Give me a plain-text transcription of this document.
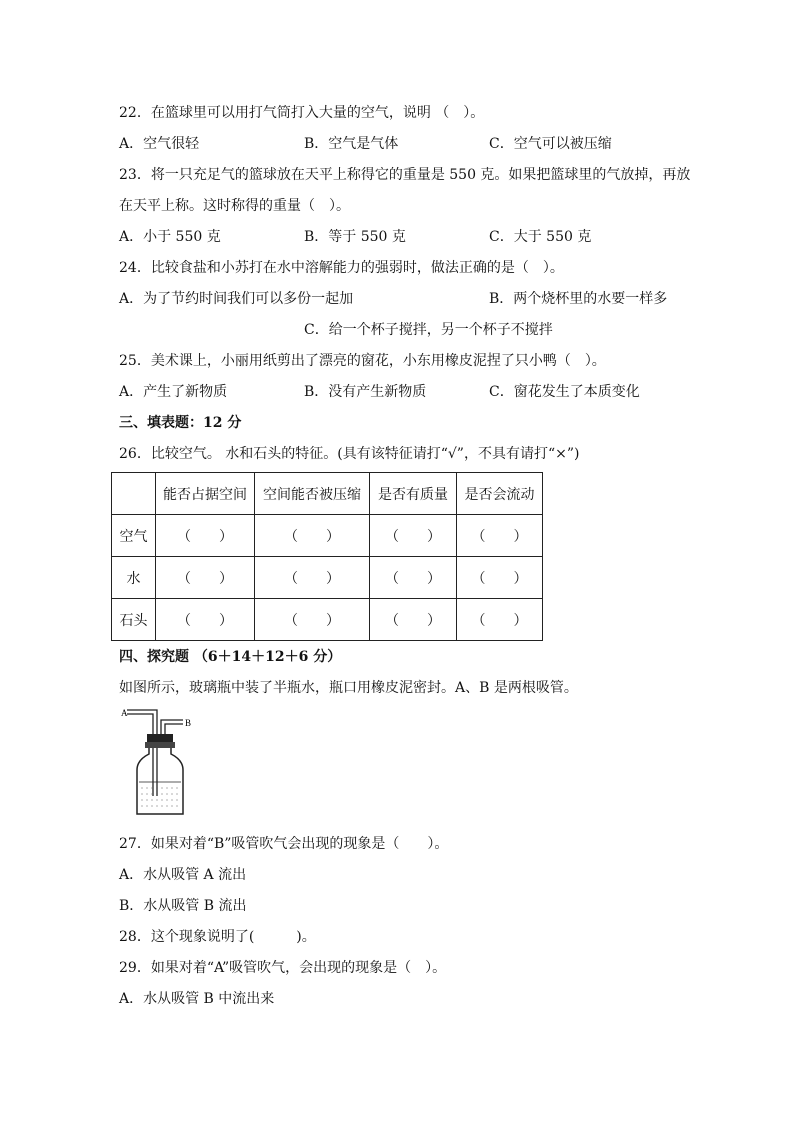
22．在篮球里可以用打气筒打入大量的空气，说明 （　）。
A．空气很轻	B．空气是气体	C．空气可以被压缩
23．将一只充足气的篮球放在天平上称得它的重量是 550 克。如果把篮球里的气放掉，再放
在天平上称。这时称得的重量（　）。
A．小于 550 克	B．等于 550 克	C．大于 550 克
24．比较食盐和小苏打在水中溶解能力的强弱时，做法正确的是（　）。
A．为了节约时间我们可以多份一起加	B．两个烧杯里的水要一样多
C．给一个杯子搅拌，另一个杯子不搅拌
25．美术课上，小丽用纸剪出了漂亮的窗花，小东用橡皮泥捏了只小鸭（　）。
A．产生了新物质	B．没有产生新物质	C．窗花发生了本质变化
三、填表题：12 分
26．比较空气。 水和石头的特征。(具有该特征请打“√”，不具有请打“×”)
	能否占据空间	空间能否被压缩	是否有质量	是否会流动
空气	（　　）	（　　）	（　　）	（　　）
水	（　　）	（　　）	（　　）	（　　）
石头	（　　）	（　　）	（　　）	（　　）
四、探究题 （6＋14＋12＋6 分）
如图所示，玻璃瓶中装了半瓶水，瓶口用橡皮泥密封。A、B 是两根吸管。
A
B
27．如果对着“B”吸管吹气会出现的现象是（　　）。
A．水从吸管 A 流出
B．水从吸管 B 流出
28．这个现象说明了(　　　)。
29．如果对着“A”吸管吹气，会出现的现象是（　）。
A．水从吸管 B 中流出来
